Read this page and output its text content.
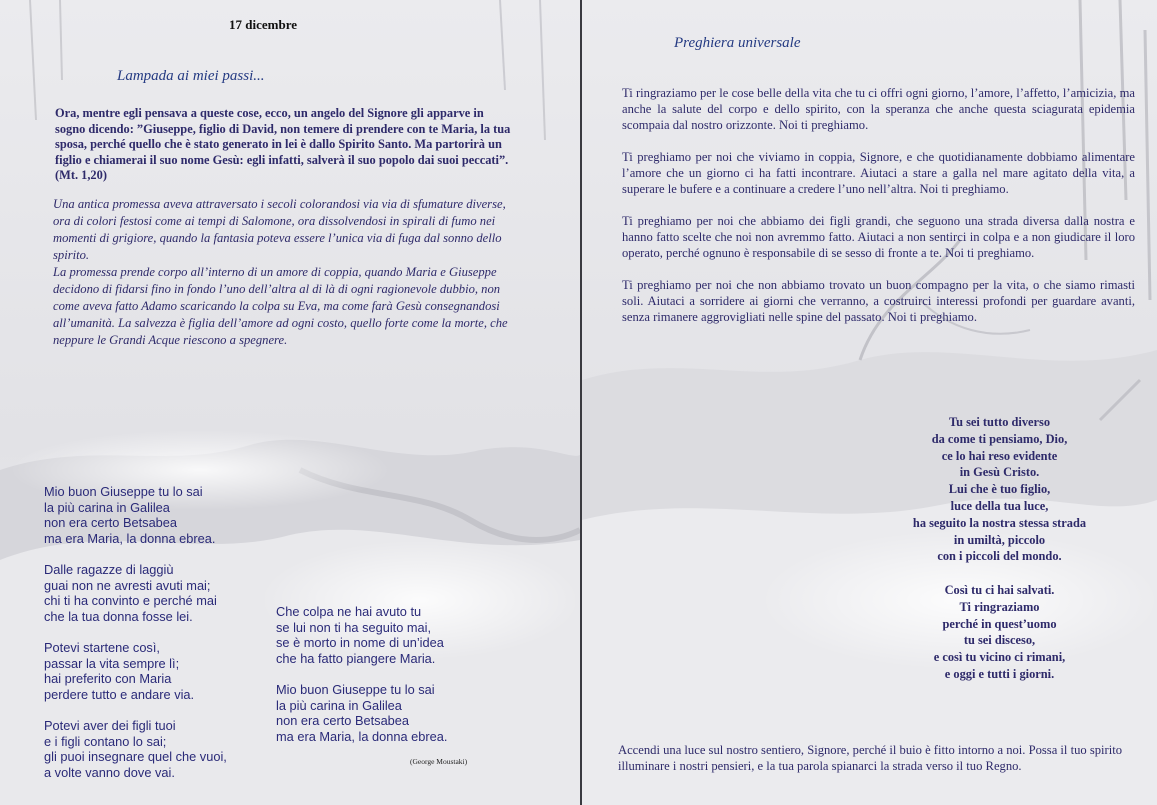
17 dicembre
Lampada ai miei passi...
Ora, mentre egli pensava a queste cose, ecco, un angelo del Signore gli apparve in sogno dicendo: ”Giuseppe, figlio di David, non temere di prendere con te Maria, la tua sposa, perché quello che è stato generato in lei è dallo Spirito Santo. Ma partorirà un figlio e chiamerai il suo nome Gesù: egli infatti, salverà il suo popolo dai suoi peccati”. (Mt. 1,20)
Una antica promessa aveva attraversato i secoli colorandosi via via di sfumature diverse, ora di colori festosi come ai tempi di Salomone, ora dissolvendosi in spirali di fumo nei momenti di grigiore, quando la fantasia poteva essere l’unica via di fuga dal sonno dello spirito.
La promessa prende corpo all’interno di un amore di coppia, quando Maria e Giuseppe decidono di fidarsi fino in fondo l’uno dell’altra al di là di ogni ragionevole dubbio, non come aveva fatto Adamo scaricando la colpa su Eva, ma come farà Gesù consegnandosi all’umanità. La salvezza è figlia dell’amore ad ogni costo, quello forte come la morte, che neppure le Grandi Acque riescono a spegnere.
Mio buon Giuseppe tu lo sai
la più carina in Galilea
non era certo Betsabea
ma era Maria, la donna ebrea.
Dalle ragazze di laggiù
guai non ne avresti avuti mai;
chi ti ha convinto e perché mai
che la tua donna fosse lei.
Potevi startene così,
passar la vita sempre lì;
hai preferito con Maria
perdere tutto e andare via.
Potevi aver dei figli tuoi
e i figli contano lo sai;
gli puoi insegnare quel che vuoi,
a volte vanno dove vai.
Che colpa ne hai avuto tu
se lui non ti ha seguito mai,
se è morto in nome di un’idea
che ha fatto piangere Maria.
Mio buon Giuseppe tu lo sai
la più carina in Galilea
non era certo Betsabea
ma era Maria, la donna ebrea.
(George Moustaki)
Preghiera universale
Ti ringraziamo per le cose belle della vita che tu ci offri ogni giorno, l’amore, l’affetto, l’amicizia, ma anche la salute del corpo e dello spirito, con la speranza che anche questa sciagurata epidemia scompaia dal nostro orizzonte. Noi ti preghiamo.
Ti preghiamo per noi che viviamo in coppia, Signore, e che quotidianamente dobbiamo alimentare l’amore che un giorno ci ha fatti incontrare. Aiutaci a stare a galla nel mare agitato della vita, a superare le bufere e a continuare a credere l’uno nell’altra. Noi ti preghiamo.
Ti preghiamo per noi che abbiamo dei figli grandi, che seguono una strada diversa dalla nostra e hanno fatto scelte che noi non avremmo fatto. Aiutaci a non sentirci in colpa e a non giudicare il loro operato, perché ognuno è responsabile di se sesso di fronte a te. Noi ti preghiamo.
Ti preghiamo per noi che non abbiamo trovato un buon compagno per la vita, o che siamo rimasti soli. Aiutaci a sorridere ai giorni che verranno, a costruirci interessi profondi per guardare avanti, senza rimanere aggrovigliati nelle spine del passato. Noi ti preghiamo.
Tu sei tutto diverso
da come ti pensiamo, Dio,
ce lo hai reso evidente
in Gesù Cristo.
Lui che è tuo figlio,
luce della tua luce,
ha seguito la nostra stessa strada
in umiltà, piccolo
con i piccoli del mondo.
Così tu ci hai salvati.
Ti ringraziamo
perché in quest’uomo
tu sei disceso,
e così tu vicino ci rimani,
e oggi e tutti i giorni.
Accendi una luce sul nostro sentiero, Signore, perché il buio è fitto intorno a noi. Possa il tuo spirito illuminare i nostri pensieri, e la tua parola spianarci la strada verso il tuo Regno.
